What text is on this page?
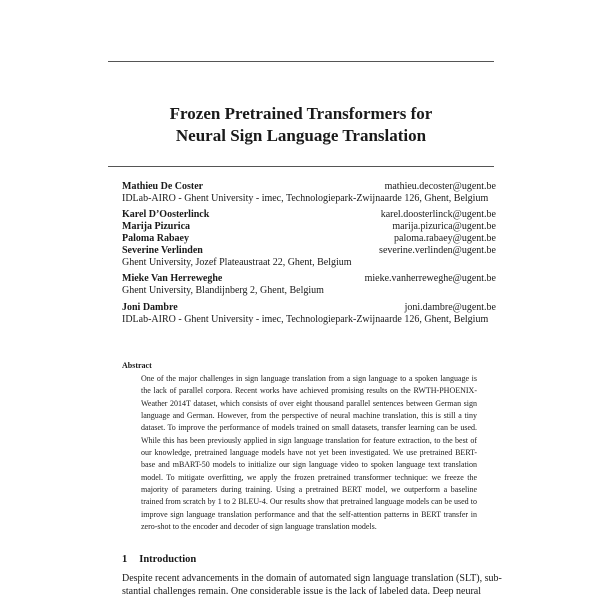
Frozen Pretrained Transformers for
Neural Sign Language Translation
Mathieu De Coster	mathieu.decoster@ugent.be
IDLab-AIRO - Ghent University - imec, Technologiepark-Zwijnaarde 126, Ghent, Belgium
Karel D’Oosterlinck	karel.doosterlinck@ugent.be
Marija Pizurica	marija.pizurica@ugent.be
Paloma Rabaey	paloma.rabaey@ugent.be
Severine Verlinden	severine.verlinden@ugent.be
Ghent University, Jozef Plateaustraat 22, Ghent, Belgium
Mieke Van Herreweghe	mieke.vanherreweghe@ugent.be
Ghent University, Blandijnberg 2, Ghent, Belgium
Joni Dambre	joni.dambre@ugent.be
IDLab-AIRO - Ghent University - imec, Technologiepark-Zwijnaarde 126, Ghent, Belgium
Abstract
One of the major challenges in sign language translation from a sign language to a spoken language is the lack of parallel corpora. Recent works have achieved promising results on the RWTH-PHOENIX-Weather 2014T dataset, which consists of over eight thousand parallel sentences between German sign language and German. However, from the perspective of neural machine translation, this is still a tiny dataset. To improve the performance of models trained on small datasets, transfer learning can be used. While this has been previously applied in sign language translation for feature extraction, to the best of our knowledge, pretrained language models have not yet been investigated. We use pretrained BERT-base and mBART-50 models to initialize our sign language video to spoken language text translation model. To mitigate overfitting, we apply the frozen pretrained transformer technique: we freeze the majority of parameters during training. Using a pretrained BERT model, we outperform a baseline trained from scratch by 1 to 2 BLEU-4. Our results show that pretrained language models can be used to improve sign language translation performance and that the self-attention patterns in BERT transfer in zero-shot to the encoder and decoder of sign language translation models.
1 Introduction
Despite recent advancements in the domain of automated sign language translation (SLT), sub-
stantial challenges remain. One considerable issue is the lack of labeled data. Deep neural
